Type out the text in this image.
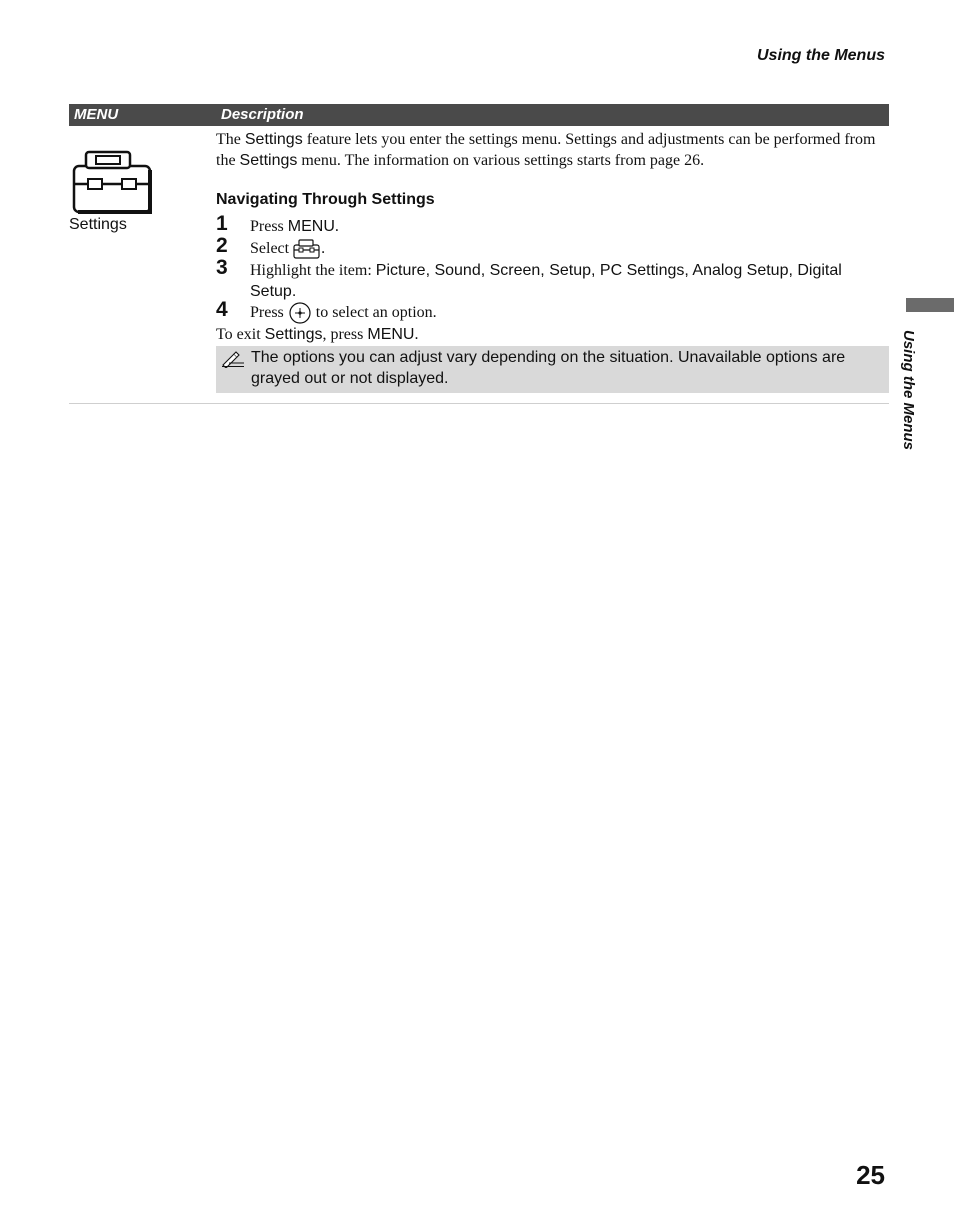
Using the Menus
Using the Menus
MENU	Description
Settings

The Settings feature lets you enter the settings menu. Settings and adjustments can be performed from the Settings menu. The information on various settings starts from page 26.

Navigating Through Settings
1 Press MENU.
2 Select .
3 Highlight the item: Picture, Sound, Screen, Setup, PC Settings, Analog Setup, Digital Setup.
4 Press  to select an option.

To exit Settings, press MENU.

The options you can adjust vary depending on the situation. Unavailable options are grayed out or not displayed.
25
